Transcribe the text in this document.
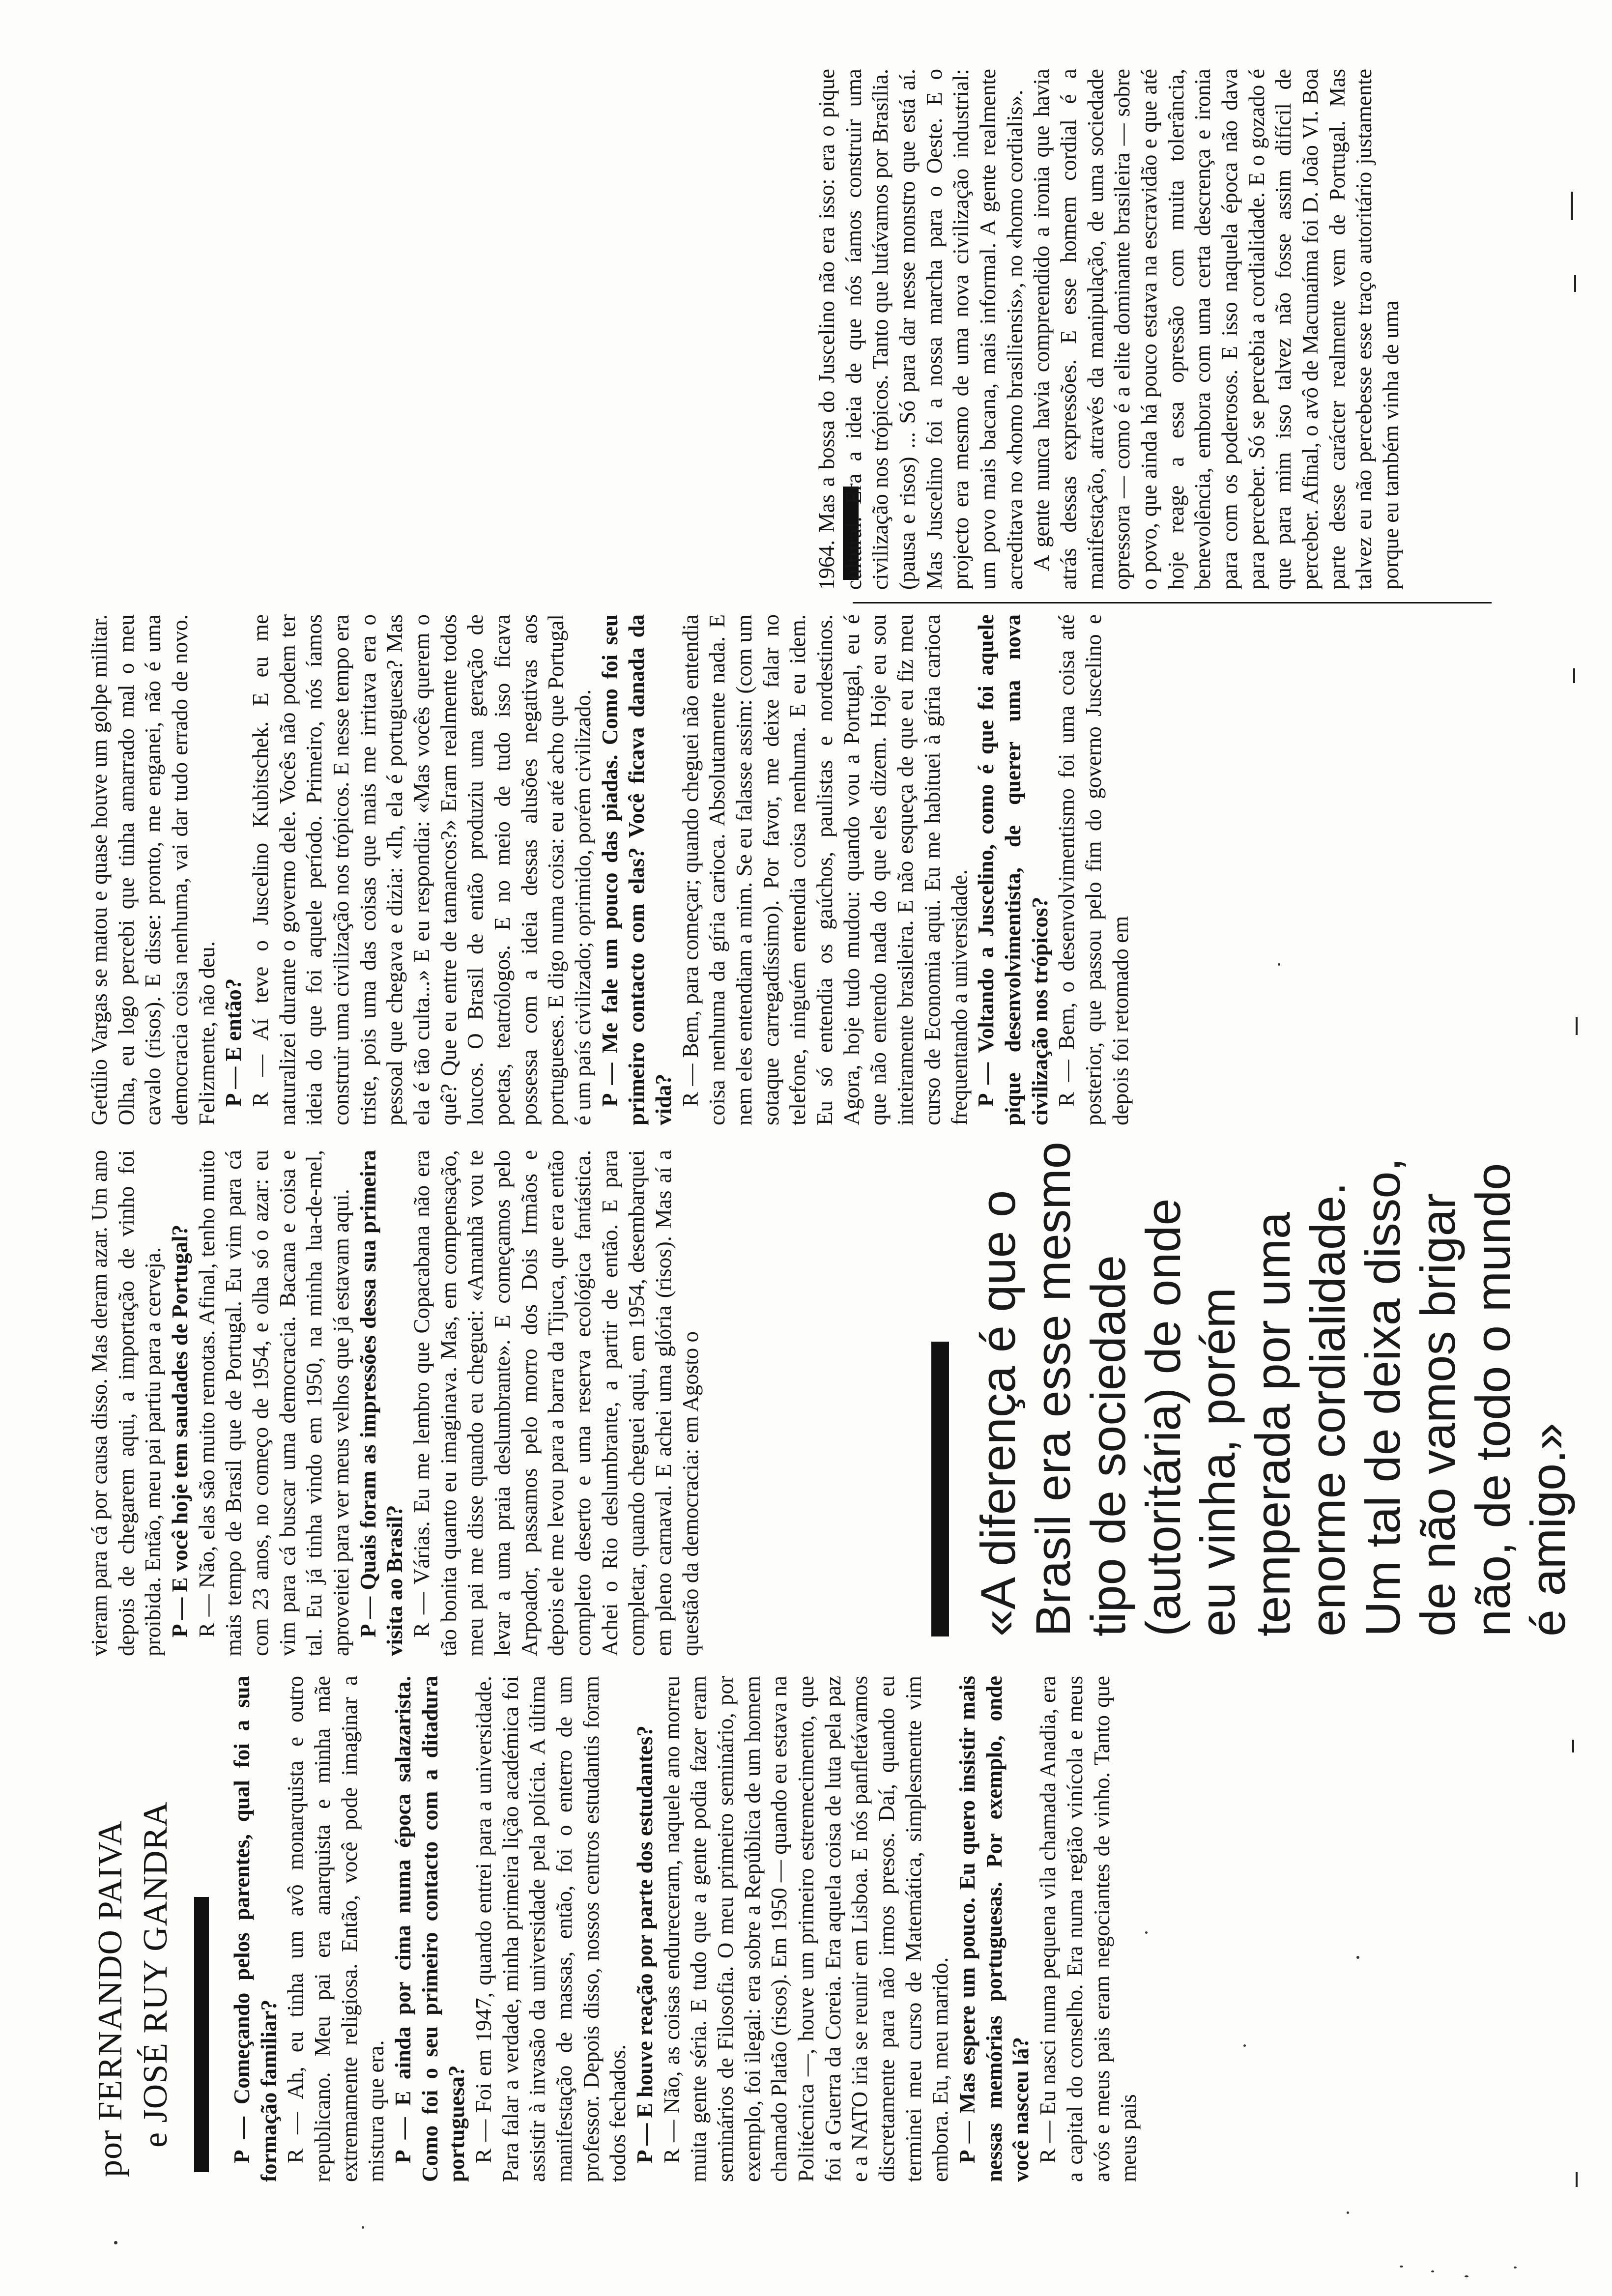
por FERNANDO PAIVA e JOSÉ RUY GANDRA P — Começando pelos parentes, qual foi a sua formação familiar? R — Ah, eu tinha um avô monarquista e outro republicano. Meu pai era anarquista e minha mãe extremamente religiosa. Então, você pode imaginar a mistura que era. P — E ainda por cima numa época salazarista. Como foi o seu primeiro contacto com a ditadura portuguesa? R — Foi em 1947, quando entrei para a universidade. Para falar a verdade, minha primeira lição académica foi assistir à invasão da universidade pela polícia. A última manifestação de massas, então, foi o enterro de um professor. Depois disso, nossos centros estudantis foram todos fechados. P — E houve reação por parte dos estudantes? R — Não, as coisas endureceram, naquele ano morreu muita gente séria. E tudo que a gente podia fazer eram seminários de Filosofia. O meu primeiro seminário, por exemplo, foi ilegal: era sobre a República de um homem chamado Platão (risos). Em 1950 — quando eu estava na Politécnica —, houve um primeiro estremecimento, que foi a Guerra da Coreia. Era aquela coisa de luta pela paz e a NATO iria se reunir em Lisboa. E nós panfletávamos discretamente para não irmos presos. Daí, quando eu terminei meu curso de Matemática, simplesmente vim embora. Eu, meu marido. P — Mas espere um pouco. Eu quero insistir mais nessas memórias portuguesas. Por exemplo, onde você nasceu lá? R — Eu nasci numa pequena vila chamada Anadia, era a capital do conselho. Era numa região vinícola e meus avós e meus pais eram negociantes de vinho. Tanto que meus pais

vieram para cá por causa disso. Mas deram azar. Um ano depois de chegarem aqui, a importação de vinho foi proibida. Então, meu pai partiu para a cerveja. P — E você hoje tem saudades de Portugal? R — Não, elas são muito remotas. Afinal, tenho muito mais tempo de Brasil que de Portugal. Eu vim para cá com 23 anos, no começo de 1954, e olha só o azar: eu vim para cá buscar uma democracia. Bacana e coisa e tal. Eu já tinha vindo em 1950, na minha lua-de-mel, aproveitei para ver meus velhos que já estavam aqui. P — Quais foram as impressões dessa sua primeira visita ao Brasil? R — Várias. Eu me lembro que Copacabana não era tão bonita quanto eu imaginava. Mas, em compensação, meu pai me disse quando eu cheguei: «Amanhã vou te levar a uma praia deslumbrante». E começamos pelo Arpoador, passamos pelo morro dos Dois Irmãos e depois ele me levou para a barra da Tijuca, que era então completo deserto e uma reserva ecológica fantástica. Achei o Rio deslumbrante, a partir de então. E para completar, quando cheguei aqui, em 1954, desembarquei em pleno carnaval. E achei uma glória (risos). Mas aí a questão da democracia: em Agosto o	«A diferença é que o Brasil era esse mesmo tipo de sociedade (autoritária) de onde eu vinha, porém temperada por uma enorme cordialidade. Um tal de deixa disso, de não vamos brigar não, de todo o mundo é amigo.»

Getúlio Vargas se matou e quase houve um golpe militar. Olha, eu logo percebi que tinha amarrado mal o meu cavalo (risos). E disse: pronto, me enganei, não é uma democracia coisa nenhuma, vai dar tudo errado de novo. Felizmente, não deu. P — E então? R — Aí teve o Juscelino Kubitschek. E eu me naturalizei durante o governo dele. Vocês não podem ter ideia do que foi aquele período. Primeiro, nós íamos construir uma civilização nos trópicos. E nesse tempo era triste, pois uma das coisas que mais me irritava era o pessoal que chegava e dizia: «Ih, ela é portuguesa? Mas ela é tão culta...» E eu respondia: «Mas vocês querem o quê? Que eu entre de tamancos?» Eram realmente todos loucos. O Brasil de então produziu uma geração de poetas, teatrólogos. E no meio de tudo isso ficava possessa com a ideia dessas alusões negativas aos portugueses. E digo numa coisa: eu até acho que Portugal é um país civilizado; oprimido, porém civilizado. P — Me fale um pouco das piadas. Como foi seu primeiro contacto com elas? Você ficava danada da vida? R — Bem, para começar; quando cheguei não entendia coisa nenhuma da gíria carioca. Absolutamente nada. E nem eles entendiam a mim. Se eu falasse assim: (com um sotaque carregadíssimo). Por favor, me deixe falar no telefone, ninguém entendia coisa nenhuma. E eu idem. Eu só entendia os gaúchos, paulistas e nordestinos. Agora, hoje tudo mudou: quando vou a Portugal, eu é que não entendo nada do que eles dizem. Hoje eu sou inteiramente brasileira. E não esqueça de que eu fiz meu curso de Economia aqui. Eu me habituei à gíria carioca frequentando a universidade. P — Voltando a Juscelino, como é que foi aquele pique desenvolvimentista, de querer uma nova civilização nos trópicos? R — Bem, o desenvolvimentismo foi uma coisa até posterior, que passou pelo fim do governo Juscelino e depois foi retomado em

1964. Mas a bossa do Juscelino não era isso: era o pique cultural. Era a ideia de que nós íamos construir uma civilização nos trópicos. Tanto que lutávamos por Brasília. (pausa e risos) ... Só para dar nesse monstro que está aí. Mas Juscelino foi a nossa marcha para o Oeste. E o projecto era mesmo de uma nova civilização industrial: um povo mais bacana, mais informal. A gente realmente acreditava no «homo brasiliensis», no «homo cordialis». A gente nunca havia compreendido a ironia que havia atrás dessas expressões. E esse homem cordial é a manifestação, através da manipulação, de uma sociedade opressora — como é a elite dominante brasileira — sobre o povo, que ainda há pouco estava na escravidão e que até hoje reage a essa opressão com muita tolerância, benevolência, embora com uma certa descrença e ironia para com os poderosos. E isso naquela época não dava para perceber. Só se percebia a cordialidade. E o gozado é que para mim isso talvez não fosse assim difícil de perceber. Afinal, o avô de Macunaíma foi D. João VI. Boa parte desse carácter realmente vem de Portugal. Mas talvez eu não percebesse esse traço autoritário justamente porque eu também vinha de uma
